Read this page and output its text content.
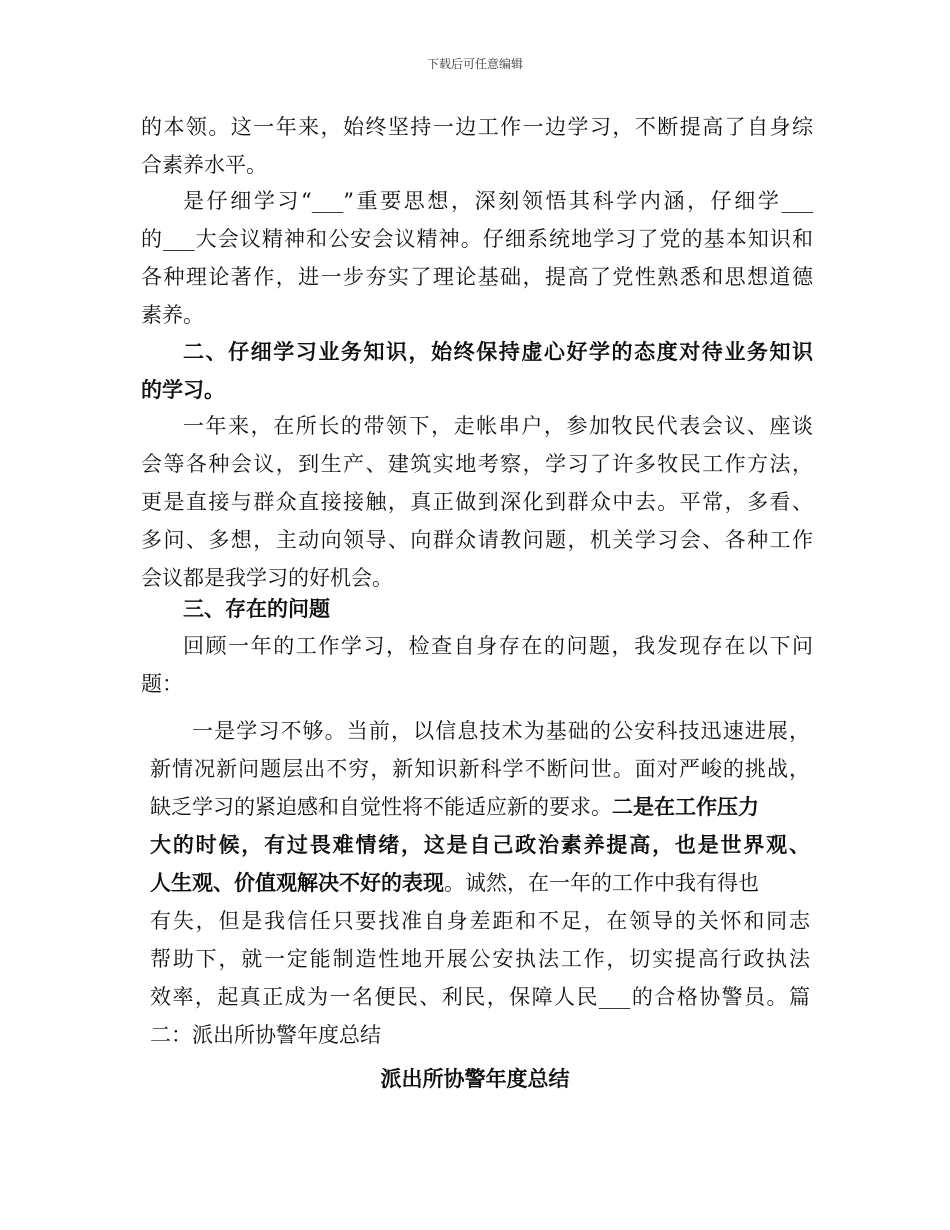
下载后可任意编辑
的本领。这一年来，始终坚持一边工作一边学习，不断提高了自身综
合素养水平。
是仔细学习“___”重要思想，深刻领悟其科学内涵，仔细学___
的___大会议精神和公安会议精神。仔细系统地学习了党的基本知识和
各种理论著作，进一步夯实了理论基础，提高了党性熟悉和思想道德
素养。
二、仔细学习业务知识，始终保持虚心好学的态度对待业务知识
的学习。
一年来，在所长的带领下，走帐串户，参加牧民代表会议、座谈
会等各种会议，到生产、建筑实地考察，学习了许多牧民工作方法，
更是直接与群众直接接触，真正做到深化到群众中去。平常，多看、
多问、多想，主动向领导、向群众请教问题，机关学习会、各种工作
会议都是我学习的好机会。
三、存在的问题
回顾一年的工作学习，检查自身存在的问题，我发现存在以下问
题：
一是学习不够。当前，以信息技术为基础的公安科技迅速进展，
新情况新问题层出不穷，新知识新科学不断问世。面对严峻的挑战，
缺乏学习的紧迫感和自觉性将不能适应新的要求。二是在工作压力
大的时候，有过畏难情绪，这是自己政治素养提高，也是世界观、
人生观、价值观解决不好的表现。诚然，在一年的工作中我有得也
有失，但是我信任只要找准自身差距和不足，在领导的关怀和同志
帮助下，就一定能制造性地开展公安执法工作，切实提高行政执法
效率，起真正成为一名便民、利民，保障人民___的合格协警员。篇
二：派出所协警年度总结
派出所协警年度总结
